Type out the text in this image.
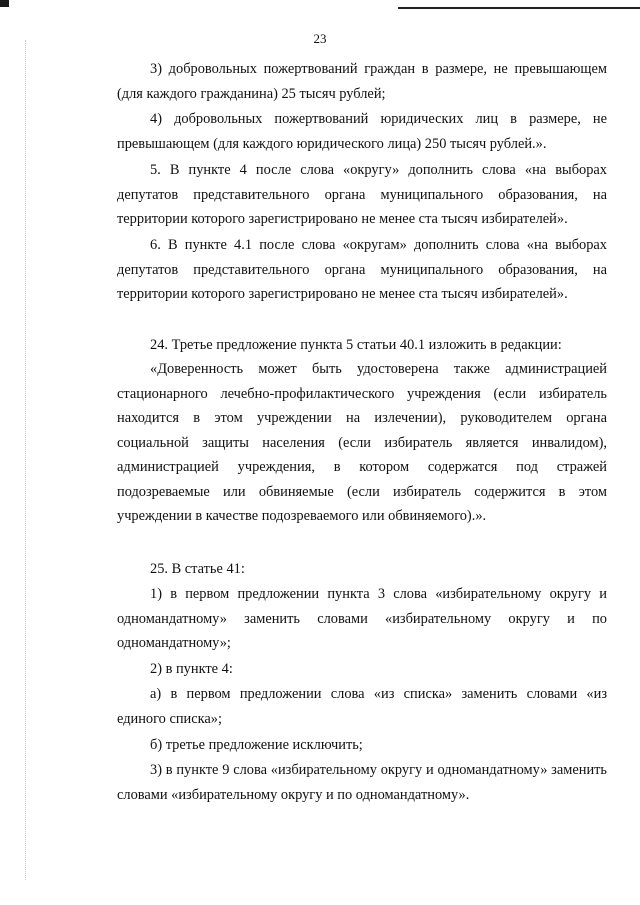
23

3) добровольных пожертвований граждан в размере, не превышающем (для каждого гражданина) 25 тысяч рублей;

4) добровольных пожертвований юридических лиц в размере, не превышающем (для каждого юридического лица) 250 тысяч рублей.».

5. В пункте 4 после слова «округу» дополнить слова «на выборах депутатов представительного органа муниципального образования, на территории которого зарегистрировано не менее ста тысяч избирателей».

6. В пункте 4.1 после слова «округам» дополнить слова «на выборах депутатов представительного органа муниципального образования, на территории которого зарегистрировано не менее ста тысяч избирателей».

24. Третье предложение пункта 5 статьи 40.1 изложить в редакции:

«Доверенность может быть удостоверена также администрацией стационарного лечебно-профилактического учреждения (если избиратель находится в этом учреждении на излечении), руководителем органа социальной защиты населения (если избиратель является инвалидом), администрацией учреждения, в котором содержатся под стражей подозреваемые или обвиняемые (если избиратель содержится в этом учреждении в качестве подозреваемого или обвиняемого).».

25. В статье 41:

1) в первом предложении пункта 3 слова «избирательному округу и одномандатному» заменить словами «избирательному округу и по одномандатному»;

2) в пункте 4:

а) в первом предложении слова «из списка» заменить словами «из единого списка»;

б) третье предложение исключить;

3) в пункте 9 слова «избирательному округу и одномандатному» заменить словами «избирательному округу и по одномандатному».
